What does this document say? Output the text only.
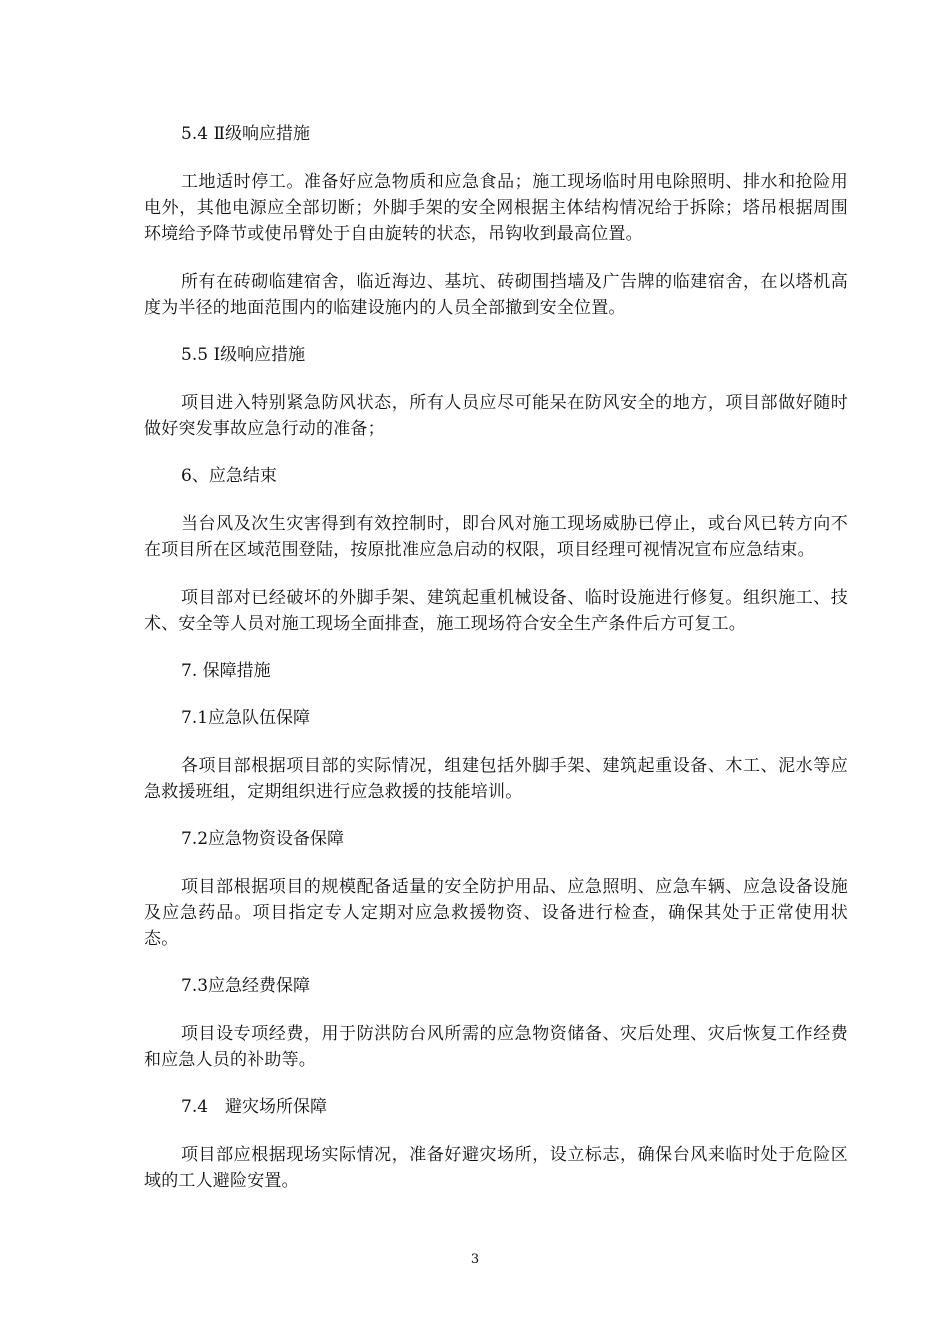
5.4 Ⅱ级响应措施

工地适时停工。准备好应急物质和应急食品；施工现场临时用电除照明、排水和抢险用电外，其他电源应全部切断；外脚手架的安全网根据主体结构情况给于拆除；塔吊根据周围环境给予降节或使吊臂处于自由旋转的状态，吊钩收到最高位置。

所有在砖砌临建宿舍，临近海边、基坑、砖砌围挡墙及广告牌的临建宿舍，在以塔机高度为半径的地面范围内的临建设施内的人员全部撤到安全位置。

5.5 Ⅰ级响应措施

项目进入特别紧急防风状态，所有人员应尽可能呆在防风安全的地方，项目部做好随时做好突发事故应急行动的准备；

6、应急结束

当台风及次生灾害得到有效控制时，即台风对施工现场威胁已停止，或台风已转方向不在项目所在区域范围登陆，按原批准应急启动的权限，项目经理可视情况宣布应急结束。

项目部对已经破坏的外脚手架、建筑起重机械设备、临时设施进行修复。组织施工、技术、安全等人员对施工现场全面排查，施工现场符合安全生产条件后方可复工。

7. 保障措施
7.1应急队伍保障

各项目部根据项目部的实际情况，组建包括外脚手架、建筑起重设备、木工、泥水等应急救援班组，定期组织进行应急救援的技能培训。

7.2应急物资设备保障

项目部根据项目的规模配备适量的安全防护用品、应急照明、应急车辆、应急设备设施及应急药品。项目指定专人定期对应急救援物资、设备进行检查，确保其处于正常使用状态。

7.3应急经费保障

项目设专项经费，用于防洪防台风所需的应急物资储备、灾后处理、灾后恢复工作经费和应急人员的补助等。

7.4　避灾场所保障

项目部应根据现场实际情况，准备好避灾场所，设立标志，确保台风来临时处于危险区域的工人避险安置。

3
